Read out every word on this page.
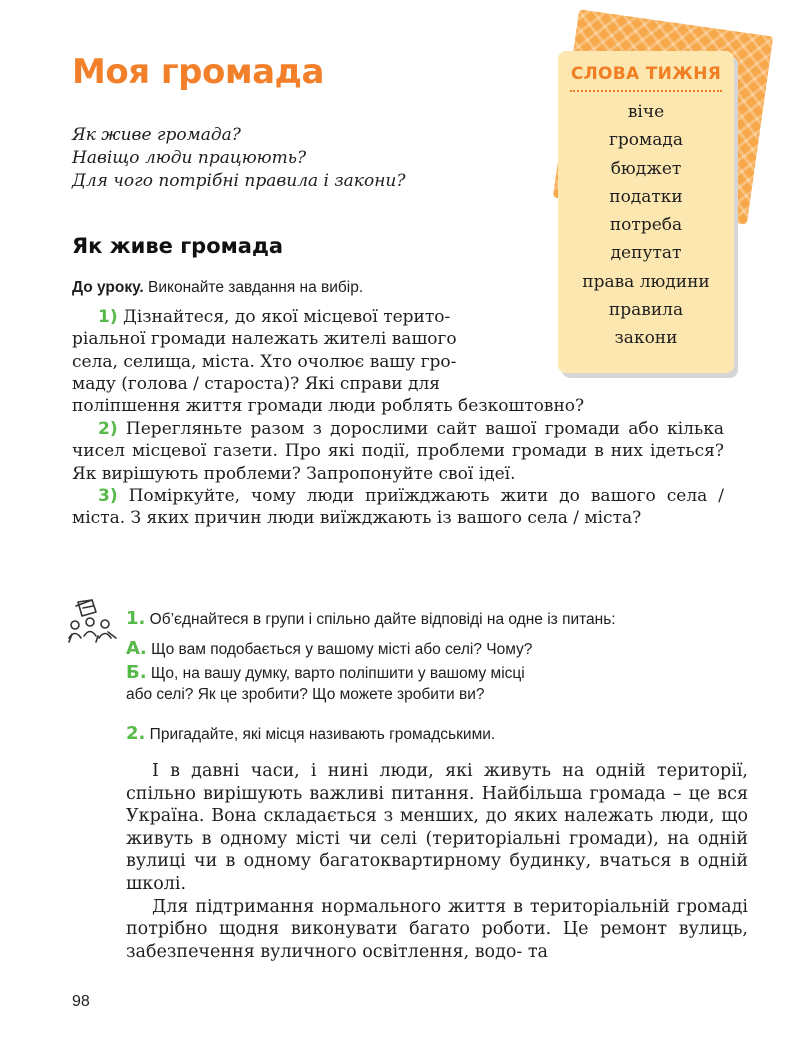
Моя громада
Як живе громада?
Навіщо люди працюють?
Для чого потрібні правила і закони?
СЛОВА ТИЖНЯ
віче
громада
бюджет
податки
потреба
депутат
права людини
правила
закони
Як живе громада
До уроку. Виконайте завдання на вибір.
1) Дізнайтеся, до якої місцевої терито-
ріальної громади належать жителі вашого
села, селища, міста. Хто очолює вашу гро-
маду (голова / староста)? Які справи для
поліпшення життя громади люди роблять безкоштовно?

2) Перегляньте разом з дорослими сайт вашої громади або кілька чисел місцевої газети. Про які події, проблеми громади в них ідеться? Як вирішують проблеми? Запропонуйте свої ідеї.

3) Поміркуйте, чому люди приїжджають жити до вашого села / міста. З яких причин люди виїжджають із вашого села / міста?

1. Об’єднайтеся в групи і спільно дайте відповіді на одне із питань:
А. Що вам подобається у вашому місті або селі? Чому?
Б. Що, на вашу думку, варто поліпшити у вашому місці
або селі? Як це зробити? Що можете зробити ви?
2. Пригадайте, які місця називають громадськими.

І в давні часи, і нині люди, які живуть на одній території, спільно вирішують важливі питання. Найбільша громада – це вся Україна. Вона складається з менших, до яких належать люди, що живуть в одному місті чи селі (територіальні громади), на одній вулиці чи в одному багатоквартирному будинку, вчаться в одній школі.

Для підтримання нормального життя в територіальній громаді потрібно щодня виконувати багато роботи. Це ремонт вулиць, забезпечення вуличного освітлення, водо- та

98
